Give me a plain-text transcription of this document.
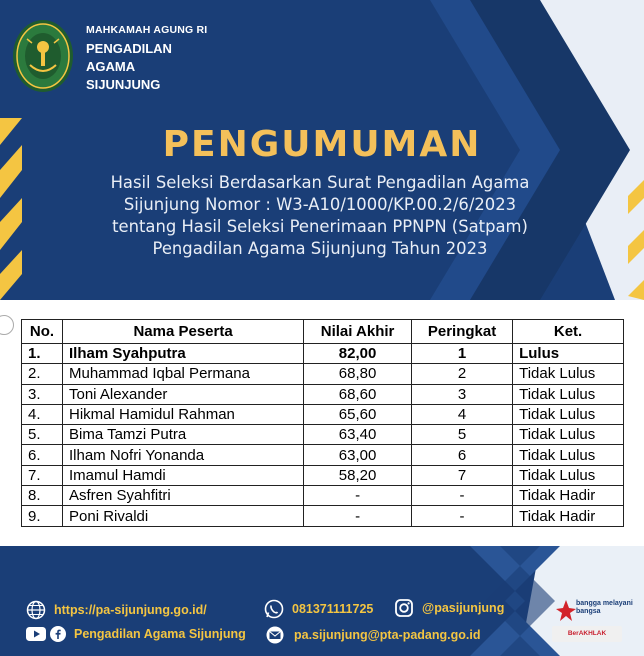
MAHKAMAH AGUNG RI
PENGADILAN
AGAMA
SIJUNJUNG
PENGUMUMAN
Hasil Seleksi Berdasarkan Surat Pengadilan Agama
Sijunjung Nomor : W3-A10/1000/KP.00.2/6/2023
tentang Hasil Seleksi Penerimaan PPNPN (Satpam)
Pengadilan Agama Sijunjung Tahun 2023
No.	Nama Peserta	Nilai Akhir	Peringkat	Ket.
1.	Ilham Syahputra	82,00	1	Lulus
2.	Muhammad Iqbal Permana	68,80	2	Tidak Lulus
3.	Toni Alexander	68,60	3	Tidak Lulus
4.	Hikmal Hamidul Rahman	65,60	4	Tidak Lulus
5.	Bima Tamzi Putra	63,40	5	Tidak Lulus
6.	Ilham Nofri Yonanda	63,00	6	Tidak Lulus
7.	Imamul Hamdi	58,20	7	Tidak Lulus
8.	Asfren Syahfitri	-	-	Tidak Hadir
9.	Poni Rivaldi	-	-	Tidak Hadir
https://pa-sijunjung.go.id/	081371111725	@pasijunjung
Pengadilan Agama Sijunjung	pa.sijunjung@pta-padang.go.id
bangga melayani bangsa
BerAKHLAK
